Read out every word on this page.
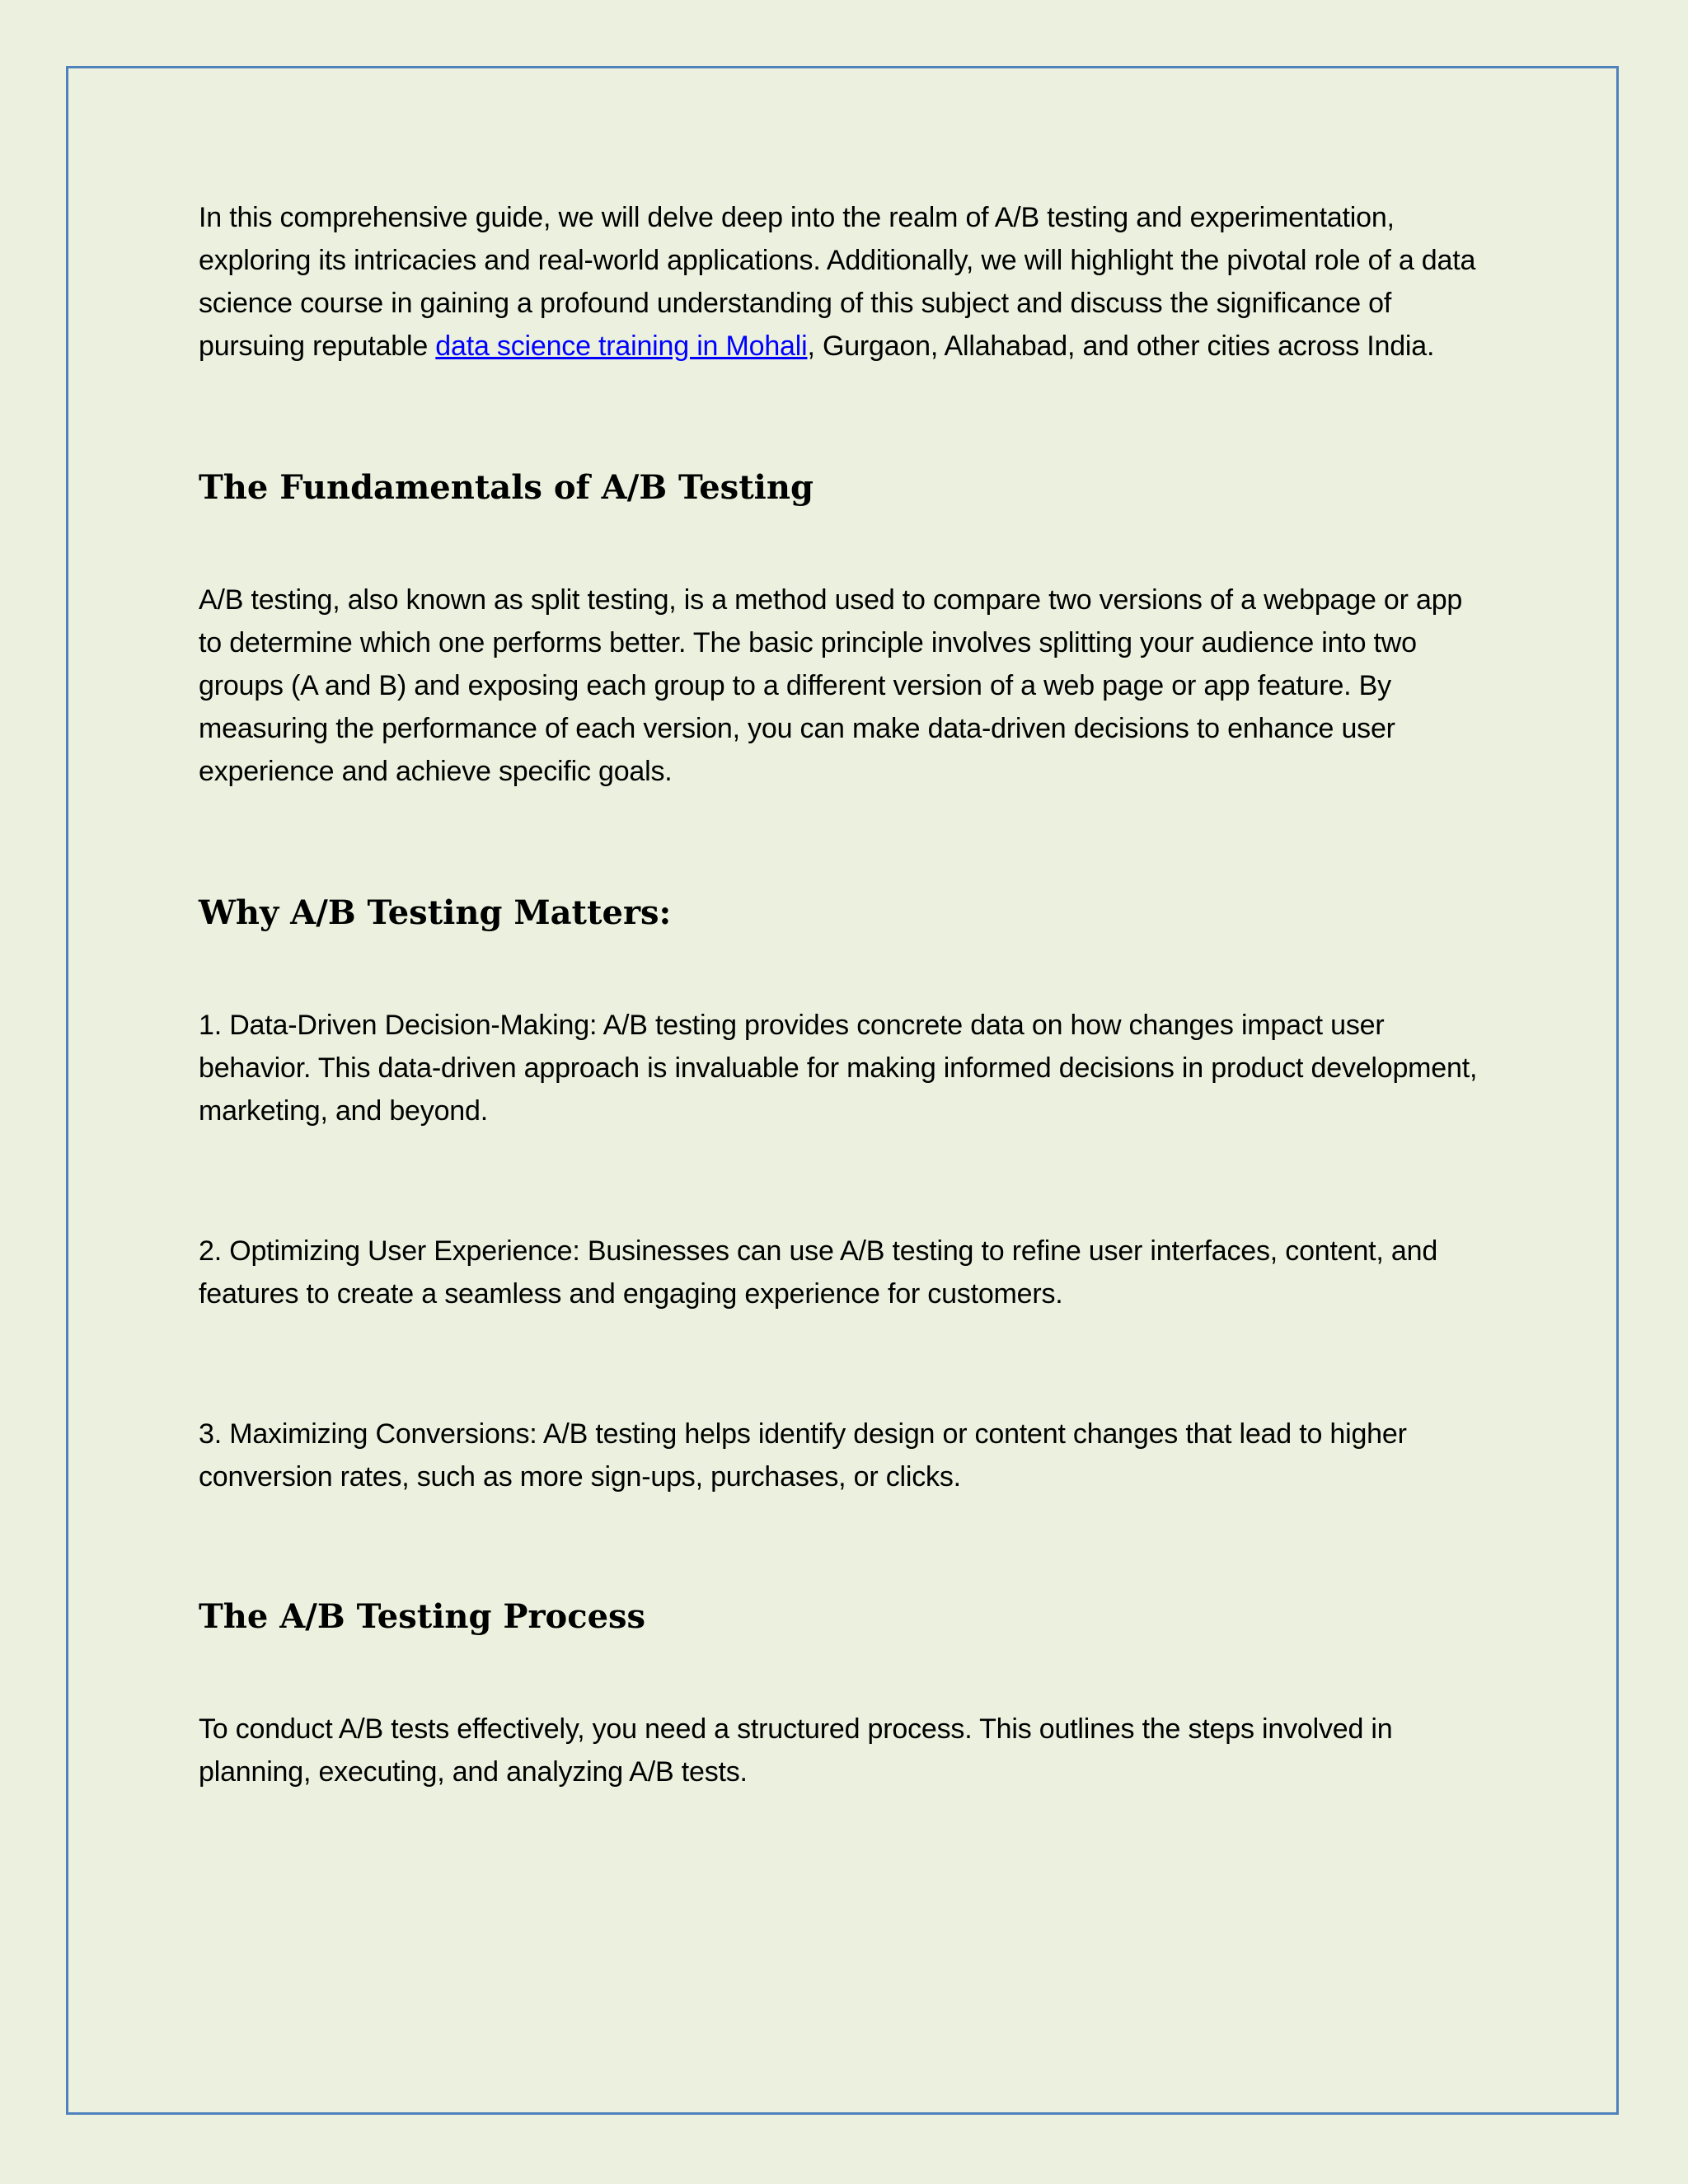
In this comprehensive guide, we will delve deep into the realm of A/B testing and experimentation, exploring its intricacies and real-world applications. Additionally, we will highlight the pivotal role of a data science course in gaining a profound understanding of this subject and discuss the significance of pursuing reputable data science training in Mohali, Gurgaon, Allahabad, and other cities across India.

The Fundamentals of A/B Testing

A/B testing, also known as split testing, is a method used to compare two versions of a webpage or app to determine which one performs better. The basic principle involves splitting your audience into two groups (A and B) and exposing each group to a different version of a web page or app feature. By measuring the performance of each version, you can make data-driven decisions to enhance user experience and achieve specific goals.

Why A/B Testing Matters:

1. Data-Driven Decision-Making: A/B testing provides concrete data on how changes impact user behavior. This data-driven approach is invaluable for making informed decisions in product development, marketing, and beyond.

2. Optimizing User Experience: Businesses can use A/B testing to refine user interfaces, content, and features to create a seamless and engaging experience for customers.

3. Maximizing Conversions: A/B testing helps identify design or content changes that lead to higher conversion rates, such as more sign-ups, purchases, or clicks.

The A/B Testing Process

To conduct A/B tests effectively, you need a structured process. This outlines the steps involved in planning, executing, and analyzing A/B tests.
